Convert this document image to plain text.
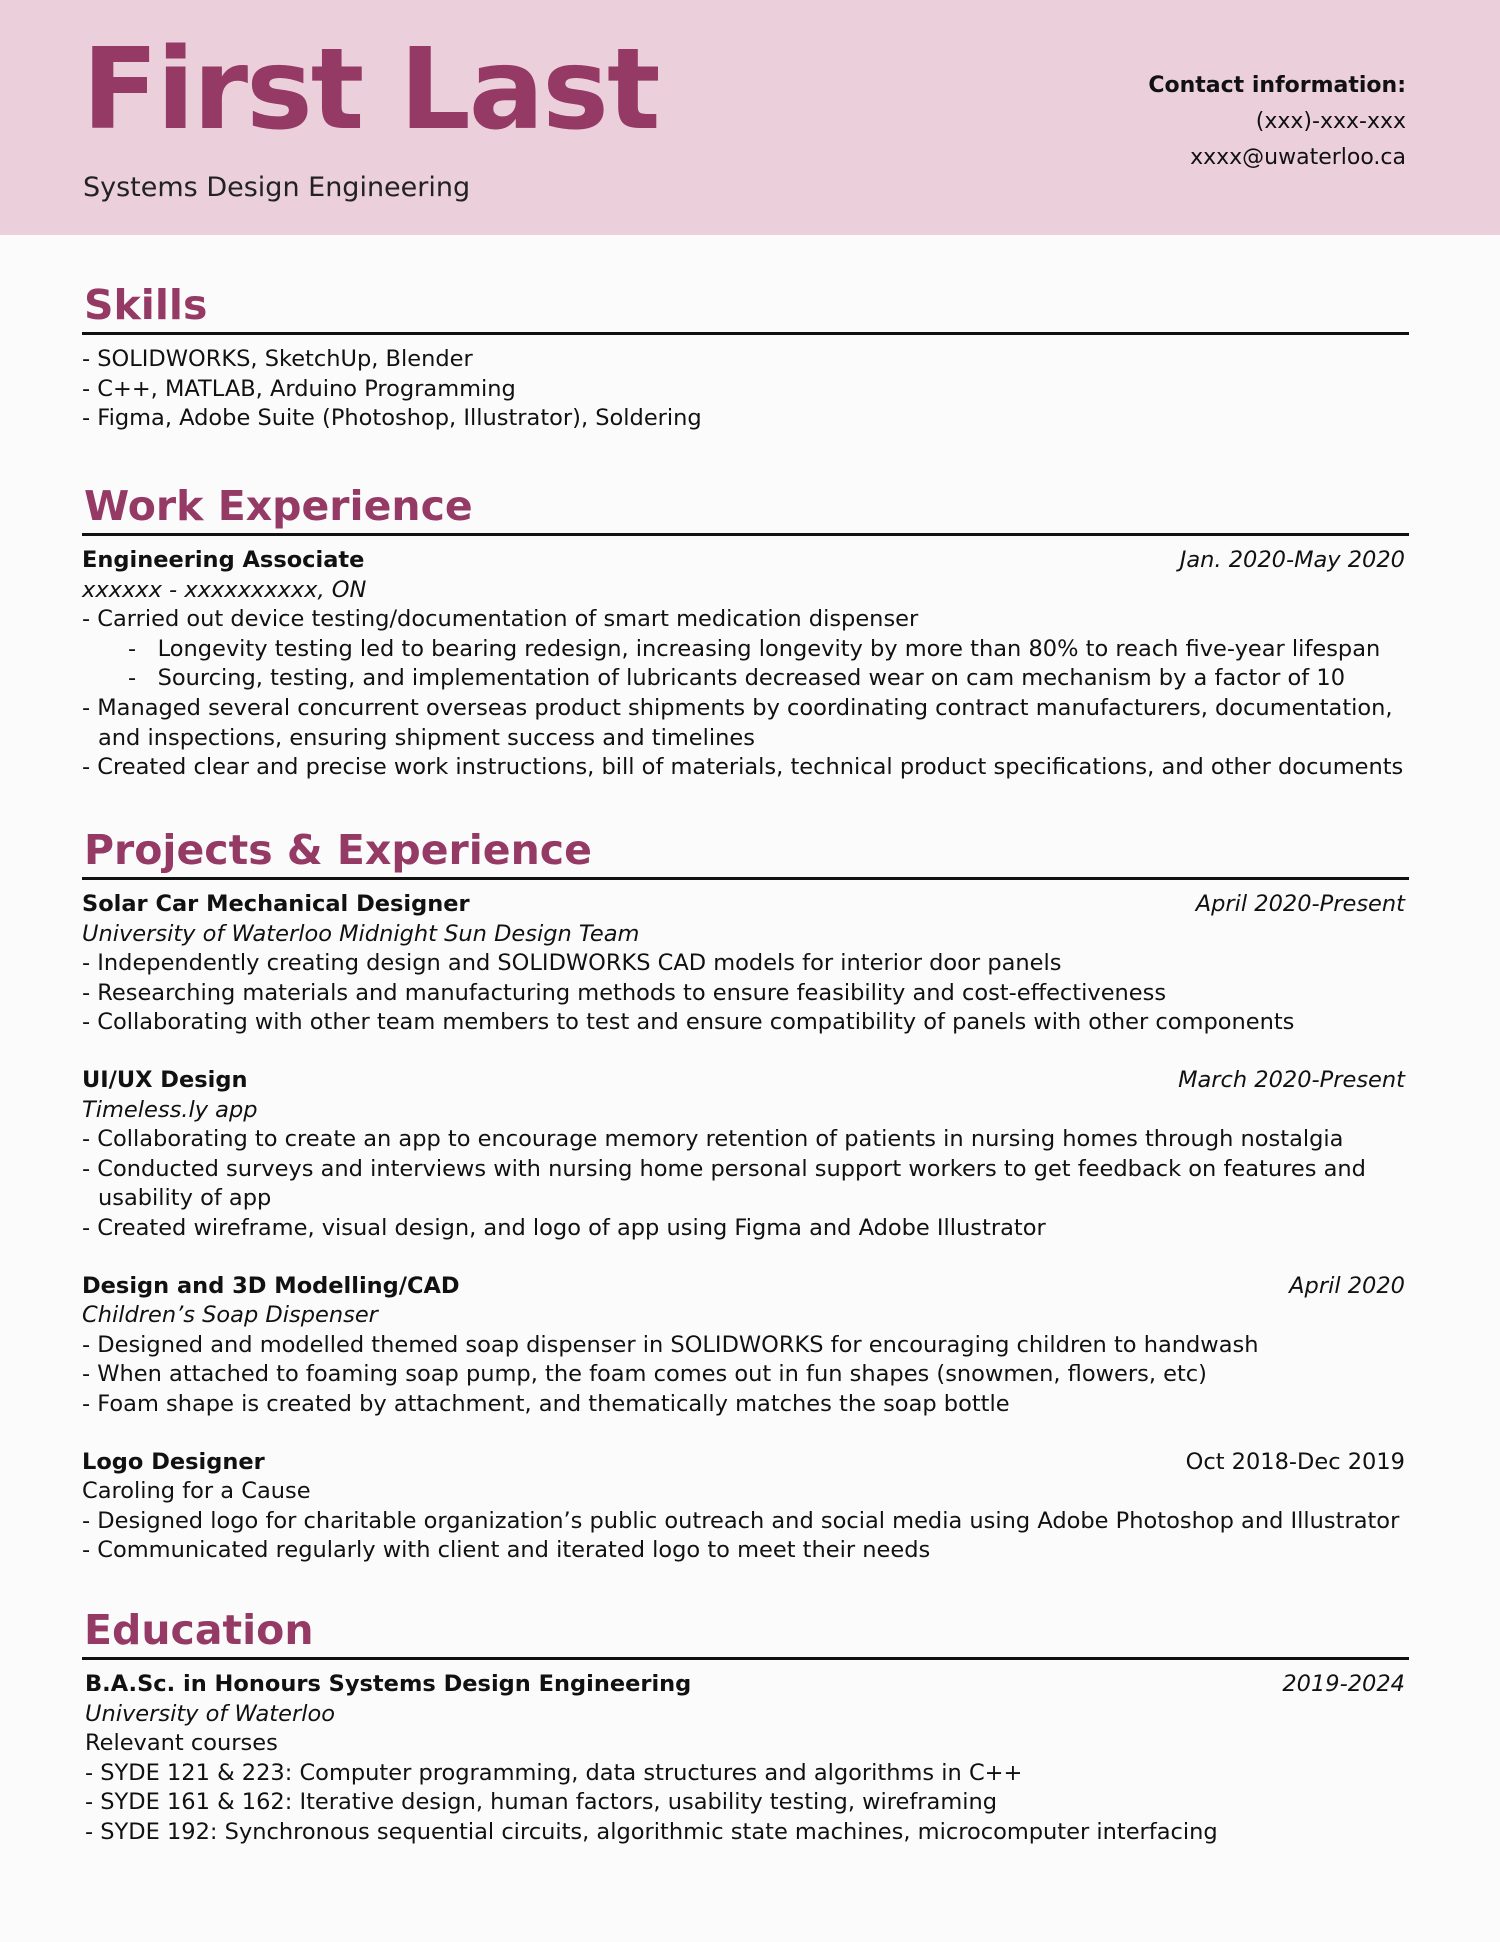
First Last
Systems Design Engineering
Contact information:
(xxx)-xxx-xxx
xxxx@uwaterloo.ca
Skills
- SOLIDWORKS, SketchUp, Blender
- C++, MATLAB, Arduino Programming
- Figma, Adobe Suite (Photoshop, Illustrator), Soldering
Work Experience
Engineering Associate	Jan. 2020-May 2020
xxxxxx - xxxxxxxxxx, ON
- Carried out device testing/documentation of smart medication dispenser
-   Longevity testing led to bearing redesign, increasing longevity by more than 80% to reach five-year lifespan
-   Sourcing, testing, and implementation of lubricants decreased wear on cam mechanism by a factor of 10
- Managed several concurrent overseas product shipments by coordinating contract manufacturers, documentation,
and inspections, ensuring shipment success and timelines
- Created clear and precise work instructions, bill of materials, technical product specifications, and other documents
Projects & Experience
Solar Car Mechanical Designer	April 2020-Present
University of Waterloo Midnight Sun Design Team
- Independently creating design and SOLIDWORKS CAD models for interior door panels
- Researching materials and manufacturing methods to ensure feasibility and cost-effectiveness
- Collaborating with other team members to test and ensure compatibility of panels with other components
UI/UX Design	March 2020-Present
Timeless.ly app
- Collaborating to create an app to encourage memory retention of patients in nursing homes through nostalgia
- Conducted surveys and interviews with nursing home personal support workers to get feedback on features and
usability of app
- Created wireframe, visual design, and logo of app using Figma and Adobe Illustrator
Design and 3D Modelling/CAD	April 2020
Children’s Soap Dispenser
- Designed and modelled themed soap dispenser in SOLIDWORKS for encouraging children to handwash
- When attached to foaming soap pump, the foam comes out in fun shapes (snowmen, flowers, etc)
- Foam shape is created by attachment, and thematically matches the soap bottle
Logo Designer	Oct 2018-Dec 2019
Caroling for a Cause
- Designed logo for charitable organization’s public outreach and social media using Adobe Photoshop and Illustrator
- Communicated regularly with client and iterated logo to meet their needs
Education
B.A.Sc. in Honours Systems Design Engineering	2019-2024
University of Waterloo
Relevant courses
- SYDE 121 & 223: Computer programming, data structures and algorithms in C++
- SYDE 161 & 162: Iterative design, human factors, usability testing, wireframing
- SYDE 192: Synchronous sequential circuits, algorithmic state machines, microcomputer interfacing
